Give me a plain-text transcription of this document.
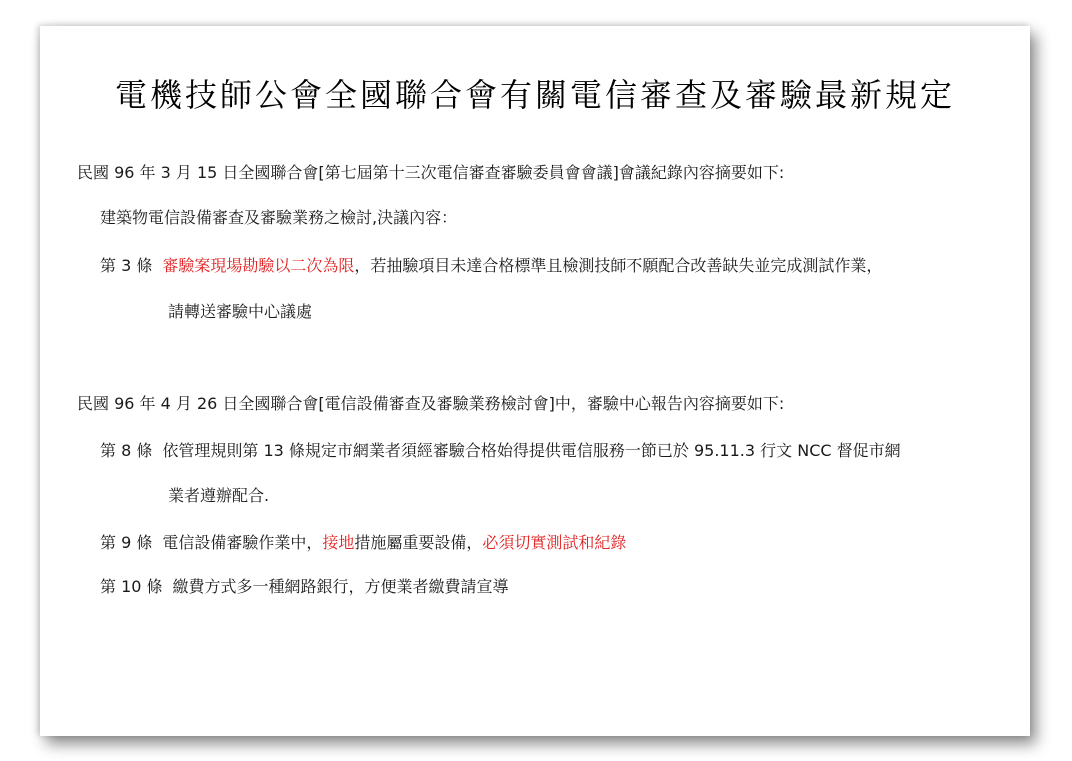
電機技師公會全國聯合會有關電信審查及審驗最新規定
民國 96 年 3 月 15 日全國聯合會[第七屆第十三次電信審查審驗委員會會議]會議紀錄內容摘要如下:
建築物電信設備審查及審驗業務之檢討,決議內容：
第 3 條 審驗案現場勘驗以二次為限，若抽驗項目未達合格標準且檢測技師不願配合改善缺失並完成測試作業，
請轉送審驗中心議處
民國 96 年 4 月 26 日全國聯合會[電信設備審查及審驗業務檢討會]中，審驗中心報告內容摘要如下:
第 8 條 依管理規則第 13 條規定市網業者須經審驗合格始得提供電信服務一節已於 95.11.3 行文 NCC 督促市網
業者遵辦配合.
第 9 條 電信設備審驗作業中，接地措施屬重要設備，必須切實測試和紀錄
第 10 條 繳費方式多一種網路銀行，方便業者繳費請宣導
